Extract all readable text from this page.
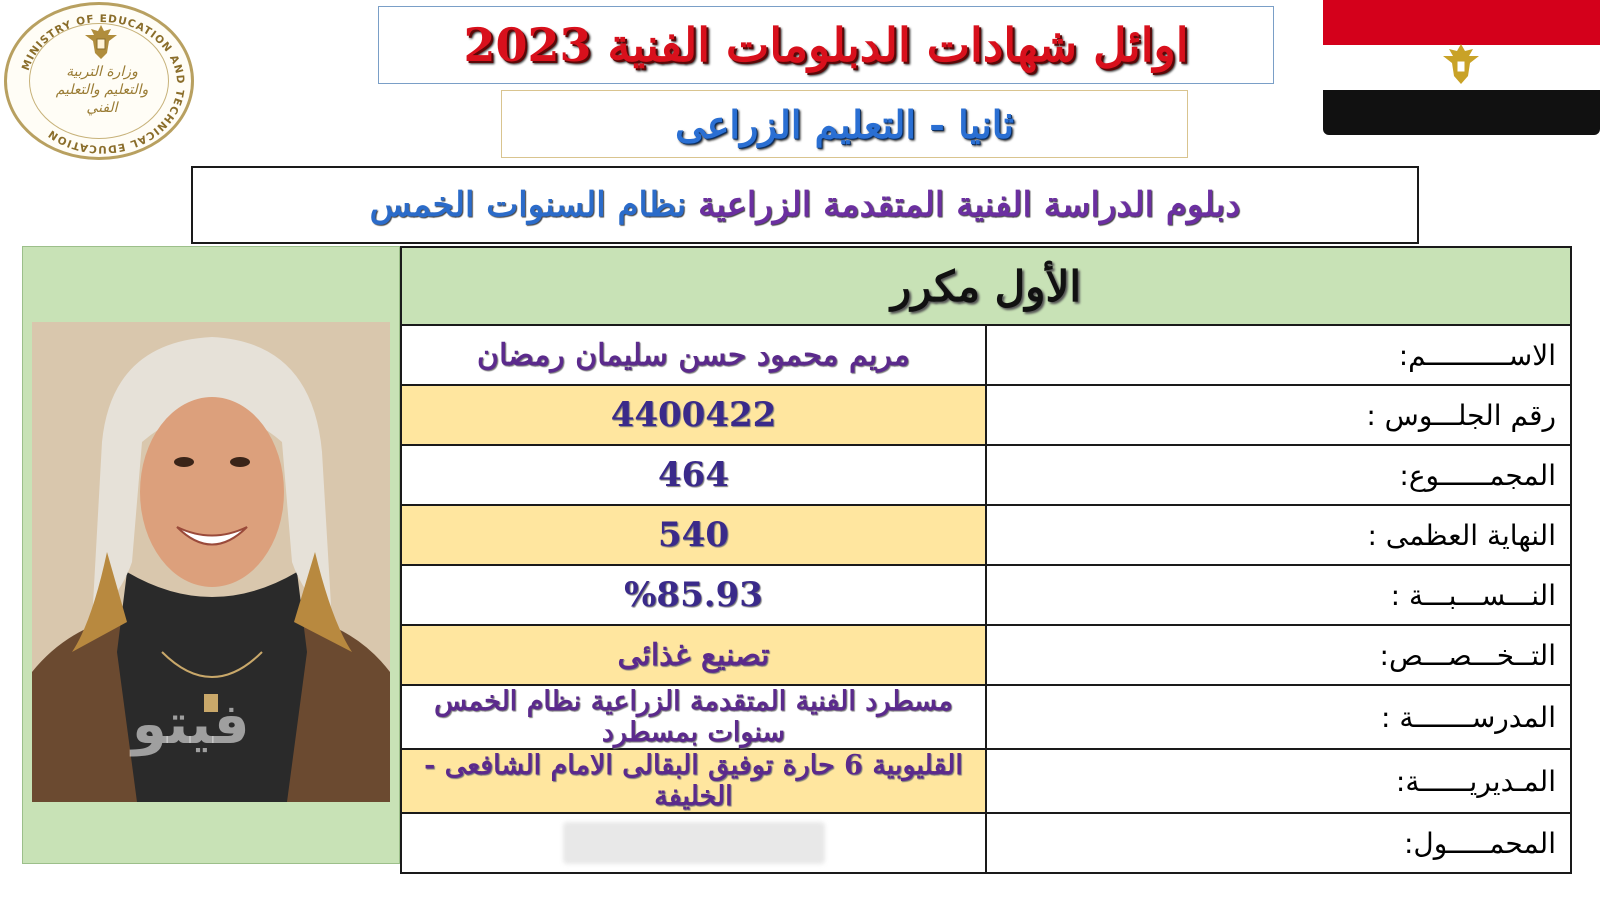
MINISTRY OF EDUCATION AND TECHNICAL EDUCATION
وزارة التربية والتعليم والتعليم الفني
اوائل شهادات الدبلومات الفنية 2023
ثانيا - التعليم الزراعى
دبلوم الدراسة الفنية المتقدمة الزراعية نظام السنوات الخمس
فيتو
الأول مكرر	
مريم محمود حسن سليمان رمضان	الاســــــــــم:
4400422	رقم الجلـــوس :
464	المجمــــــوع:
540	النهاية العظمى :
%85.93	النـــســـبـــة :
تصنيع غذائى	التــخـــصـــص:
مسطرد الفنية المتقدمة الزراعية نظام الخمس سنوات بمسطرد	المدرســـــــة :
القليوبية 6 حارة توفيق البقالى الامام الشافعى - الخليفة	المـديريــــــة:
	المحمـــــول:
